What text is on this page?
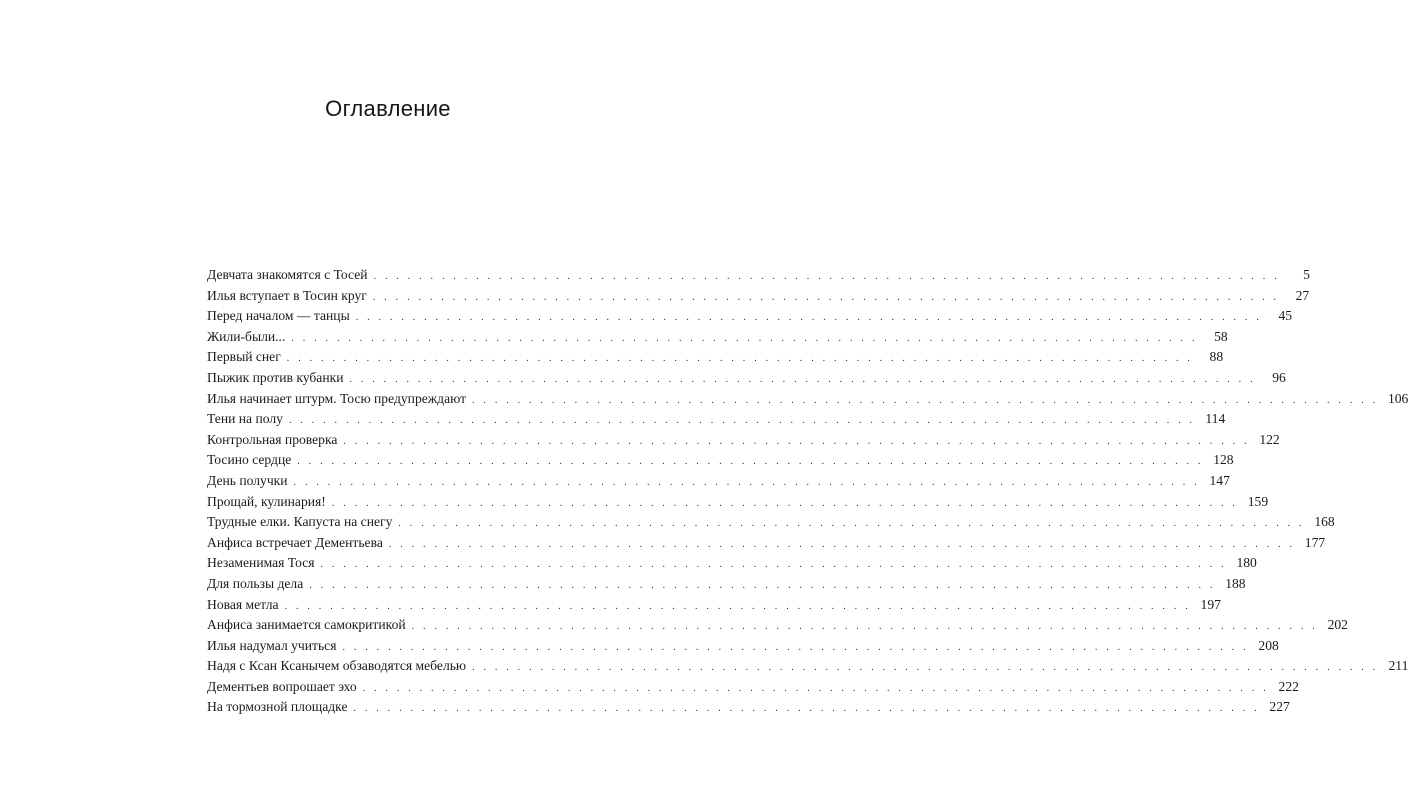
Оглавление
Девчата знакомятся с Тосей . . . . . . . . . . . . . . . . . . . . . . . . . . . . . . . . . . . . . . . . . . . . . . . . . . . . . . . . . . . . . . . . . . . . . . . . . . . . . . . .	5
Илья вступает в Тосин круг . . . . . . . . . . . . . . . . . . . . . . . . . . . . . . . . . . . . . . . . . . . . . . . . . . . . . . . . . . . . . . . . . . . . . . . . . . . . . . . .	27
Перед началом — танцы . . . . . . . . . . . . . . . . . . . . . . . . . . . . . . . . . . . . . . . . . . . . . . . . . . . . . . . . . . . . . . . . . . . . . . . . . . . . . . . .	45
Жили-были... . . . . . . . . . . . . . . . . . . . . . . . . . . . . . . . . . . . . . . . . . . . . . . . . . . . . . . . . . . . . . . . . . . . . . . . . . . . . . . . .	58
Первый снег . . . . . . . . . . . . . . . . . . . . . . . . . . . . . . . . . . . . . . . . . . . . . . . . . . . . . . . . . . . . . . . . . . . . . . . . . . . . . . . .	88
Пыжик против кубанки . . . . . . . . . . . . . . . . . . . . . . . . . . . . . . . . . . . . . . . . . . . . . . . . . . . . . . . . . . . . . . . . . . . . . . . . . . . . . . . .	96
Илья начинает штурм. Тосю предупреждают . . . . . . . . . . . . . . . . . . . . . . . . . . . . . . . . . . . . . . . . . . . . . . . . . . . . . . . . . . . . . . . . . . . . . . . . . . . . . . . . 106
Тени на полу . . . . . . . . . . . . . . . . . . . . . . . . . . . . . . . . . . . . . . . . . . . . . . . . . . . . . . . . . . . . . . . . . . . . . . . . . . . . . . . . 114
Контрольная проверка . . . . . . . . . . . . . . . . . . . . . . . . . . . . . . . . . . . . . . . . . . . . . . . . . . . . . . . . . . . . . . . . . . . . . . . . . . . . . . . . 122
Тосино сердце . . . . . . . . . . . . . . . . . . . . . . . . . . . . . . . . . . . . . . . . . . . . . . . . . . . . . . . . . . . . . . . . . . . . . . . . . . . . . . . . 128
День получки . . . . . . . . . . . . . . . . . . . . . . . . . . . . . . . . . . . . . . . . . . . . . . . . . . . . . . . . . . . . . . . . . . . . . . . . . . . . . . . . 147
Прощай, кулинария! . . . . . . . . . . . . . . . . . . . . . . . . . . . . . . . . . . . . . . . . . . . . . . . . . . . . . . . . . . . . . . . . . . . . . . . . . . . . . . . . 159
Трудные елки. Капуста на снегу . . . . . . . . . . . . . . . . . . . . . . . . . . . . . . . . . . . . . . . . . . . . . . . . . . . . . . . . . . . . . . . . . . . . . . . . . . . . . . . . 168
Анфиса встречает Дементьева . . . . . . . . . . . . . . . . . . . . . . . . . . . . . . . . . . . . . . . . . . . . . . . . . . . . . . . . . . . . . . . . . . . . . . . . . . . . . . . . 177
Незаменимая Тося . . . . . . . . . . . . . . . . . . . . . . . . . . . . . . . . . . . . . . . . . . . . . . . . . . . . . . . . . . . . . . . . . . . . . . . . . . . . . . . . 180
Для пользы дела . . . . . . . . . . . . . . . . . . . . . . . . . . . . . . . . . . . . . . . . . . . . . . . . . . . . . . . . . . . . . . . . . . . . . . . . . . . . . . . . 188
Новая метла . . . . . . . . . . . . . . . . . . . . . . . . . . . . . . . . . . . . . . . . . . . . . . . . . . . . . . . . . . . . . . . . . . . . . . . . . . . . . . . . 197
Анфиса занимается самокритикой . . . . . . . . . . . . . . . . . . . . . . . . . . . . . . . . . . . . . . . . . . . . . . . . . . . . . . . . . . . . . . . . . . . . . . . . . . . . . . . . 202
Илья надумал учиться . . . . . . . . . . . . . . . . . . . . . . . . . . . . . . . . . . . . . . . . . . . . . . . . . . . . . . . . . . . . . . . . . . . . . . . . . . . . . . . . 208
Надя с Ксан Ксанычем обзаводятся мебелью . . . . . . . . . . . . . . . . . . . . . . . . . . . . . . . . . . . . . . . . . . . . . . . . . . . . . . . . . . . . . . . . . . . . . . . . . . . . . . . . 211
Дементьев вопрошает эхо . . . . . . . . . . . . . . . . . . . . . . . . . . . . . . . . . . . . . . . . . . . . . . . . . . . . . . . . . . . . . . . . . . . . . . . . . . . . . . . . 222
На тормозной площадке . . . . . . . . . . . . . . . . . . . . . . . . . . . . . . . . . . . . . . . . . . . . . . . . . . . . . . . . . . . . . . . . . . . . . . . . . . . . . . . . 227
